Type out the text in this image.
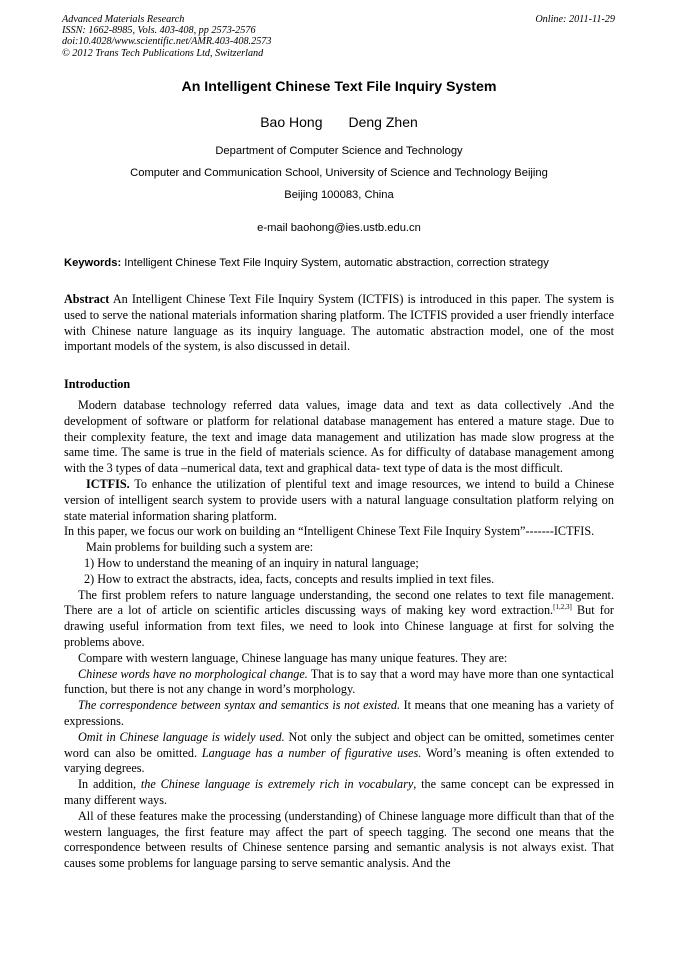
Advanced Materials Research
ISSN: 1662-8985, Vols. 403-408, pp 2573-2576
doi:10.4028/www.scientific.net/AMR.403-408.2573
© 2012 Trans Tech Publications Ltd, Switzerland
Online: 2011-11-29
An Intelligent Chinese Text File Inquiry System
Bao Hong Deng Zhen
Department of Computer Science and Technology
Computer and Communication School, University of Science and Technology Beijing
Beijing 100083, China
e-mail baohong@ies.ustb.edu.cn
Keywords: Intelligent Chinese Text File Inquiry System, automatic abstraction, correction strategy

Abstract An Intelligent Chinese Text File Inquiry System (ICTFIS) is introduced in this paper. The system is used to serve the national materials information sharing platform. The ICTFIS provided a user friendly interface with Chinese nature language as its inquiry language. The automatic abstraction model, one of the most important models of the system, is also discussed in detail.

Introduction

Modern database technology referred data values, image data and text as data collectively .And the development of software or platform for relational database management has entered a mature stage. Due to their complexity feature, the text and image data management and utilization has made slow progress at the same time. The same is true in the field of materials science. As for difficulty of database management among with the 3 types of data –numerical data, text and graphical data- text type of data is the most difficult.

ICTFIS. To enhance the utilization of plentiful text and image resources, we intend to build a Chinese version of intelligent search system to provide users with a natural language consultation platform relying on state material information sharing platform.

In this paper, we focus our work on building an “Intelligent Chinese Text File Inquiry System”-------ICTFIS.

Main problems for building such a system are:

1) How to understand the meaning of an inquiry in natural language;

2) How to extract the abstracts, idea, facts, concepts and results implied in text files.

The first problem refers to nature language understanding, the second one relates to text file management. There are a lot of article on scientific articles discussing ways of making key word extraction.[1,2,3] But for drawing useful information from text files, we need to look into Chinese language at first for solving the problems above.

Compare with western language, Chinese language has many unique features. They are:

Chinese words have no morphological change. That is to say that a word may have more than one syntactical function, but there is not any change in word’s morphology.

The correspondence between syntax and semantics is not existed. It means that one meaning has a variety of expressions.

Omit in Chinese language is widely used. Not only the subject and object can be omitted, sometimes center word can also be omitted. Language has a number of figurative uses. Word’s meaning is often extended to varying degrees.

In addition, the Chinese language is extremely rich in vocabulary, the same concept can be expressed in many different ways.

All of these features make the processing (understanding) of Chinese language more difficult than that of the western languages, the first feature may affect the part of speech tagging. The second one means that the correspondence between results of Chinese sentence parsing and semantic analysis is not always exist. That causes some problems for language parsing to serve semantic analysis. And the
